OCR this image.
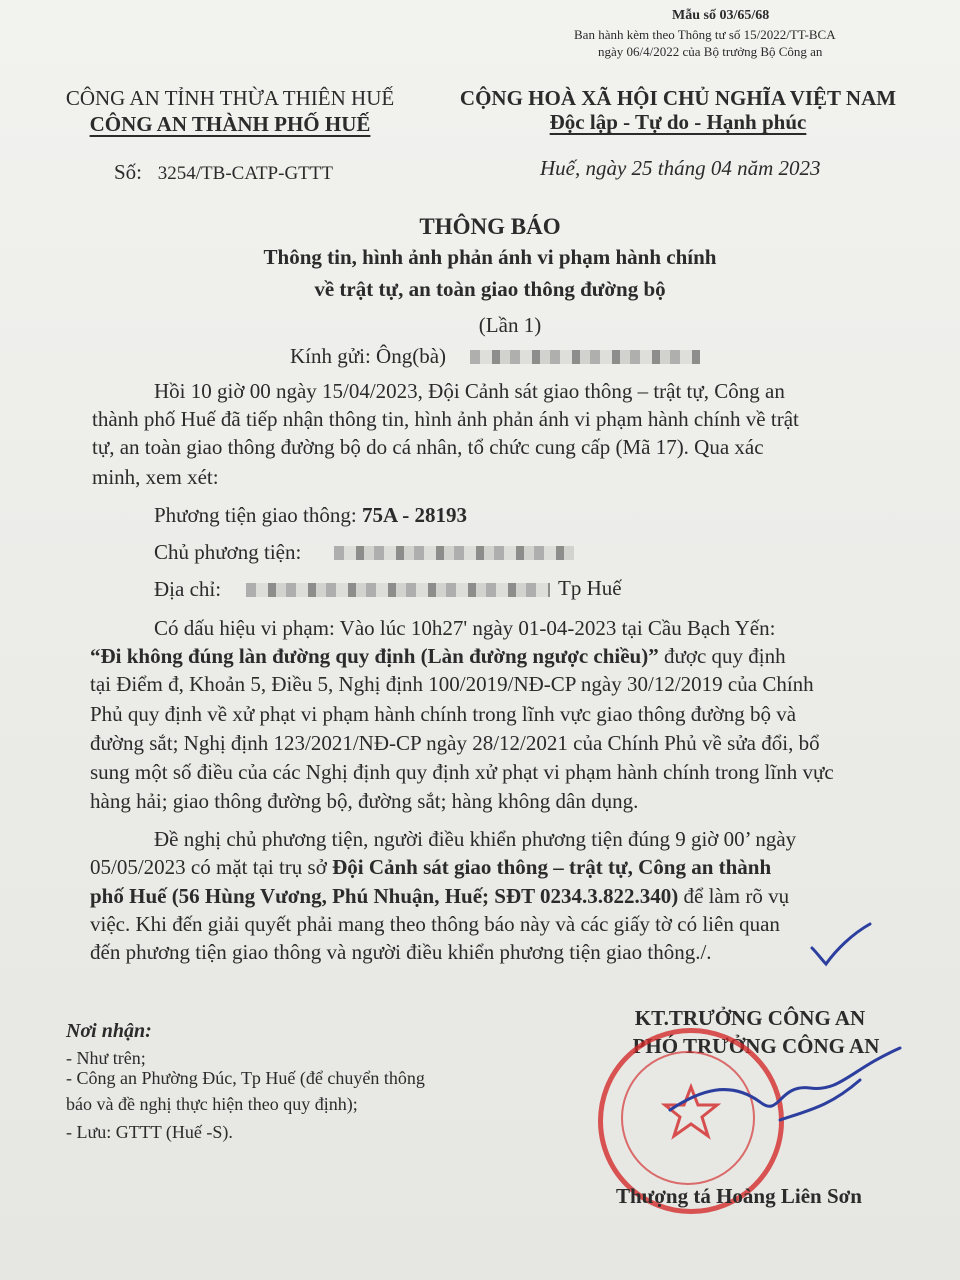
Mẫu số 03/65/68
Ban hành kèm theo Thông tư số 15/2022/TT-BCA
ngày 06/4/2022 của Bộ trưởng Bộ Công an
CÔNG AN TỈNH THỪA THIÊN HUẾ
CÔNG AN THÀNH PHỐ HUẾ
Số: 3254/TB-CATP-GTTT
CỘNG HOÀ XÃ HỘI CHỦ NGHĨA VIỆT NAM
Độc lập - Tự do - Hạnh phúc
Huế, ngày 25 tháng 04 năm 2023
THÔNG BÁO
Thông tin, hình ảnh phản ánh vi phạm hành chính
về trật tự, an toàn giao thông đường bộ
(Lần 1)
Kính gửi: Ông(bà)
Hồi 10 giờ 00 ngày 15/04/2023, Đội Cảnh sát giao thông – trật tự, Công an
thành phố Huế đã tiếp nhận thông tin, hình ảnh phản ánh vi phạm hành chính về trật
tự, an toàn giao thông đường bộ do cá nhân, tổ chức cung cấp (Mã 17). Qua xác
minh, xem xét:
Phương tiện giao thông: 75A - 28193
Chủ phương tiện:
Địa chỉ:	Tp Huế
Có dấu hiệu vi phạm: Vào lúc 10h27' ngày 01-04-2023 tại Cầu Bạch Yến:
“Đi không đúng làn đường quy định (Làn đường ngược chiều)” được quy định
tại Điểm đ, Khoản 5, Điều 5, Nghị định 100/2019/NĐ-CP ngày 30/12/2019 của Chính
Phủ quy định về xử phạt vi phạm hành chính trong lĩnh vực giao thông đường bộ và
đường sắt; Nghị định 123/2021/NĐ-CP ngày 28/12/2021 của Chính Phủ về sửa đổi, bổ
sung một số điều của các Nghị định quy định xử phạt vi phạm hành chính trong lĩnh vực
hàng hải; giao thông đường bộ, đường sắt; hàng không dân dụng.
Đề nghị chủ phương tiện, người điều khiển phương tiện đúng 9 giờ 00’ ngày
05/05/2023 có mặt tại trụ sở Đội Cảnh sát giao thông – trật tự, Công an thành
phố Huế (56 Hùng Vương, Phú Nhuận, Huế; SĐT 0234.3.822.340) để làm rõ vụ
việc. Khi đến giải quyết phải mang theo thông báo này và các giấy tờ có liên quan
đến phương tiện giao thông và người điều khiển phương tiện giao thông./.
Nơi nhận:
- Như trên;
- Công an Phường Đúc, Tp Huế (để chuyển thông
báo và đề nghị thực hiện theo quy định);
- Lưu: GTTT (Huế -S).
KT.TRƯỞNG CÔNG AN
PHÓ TRƯỞNG CÔNG AN
Thượng tá Hoàng Liên Sơn
